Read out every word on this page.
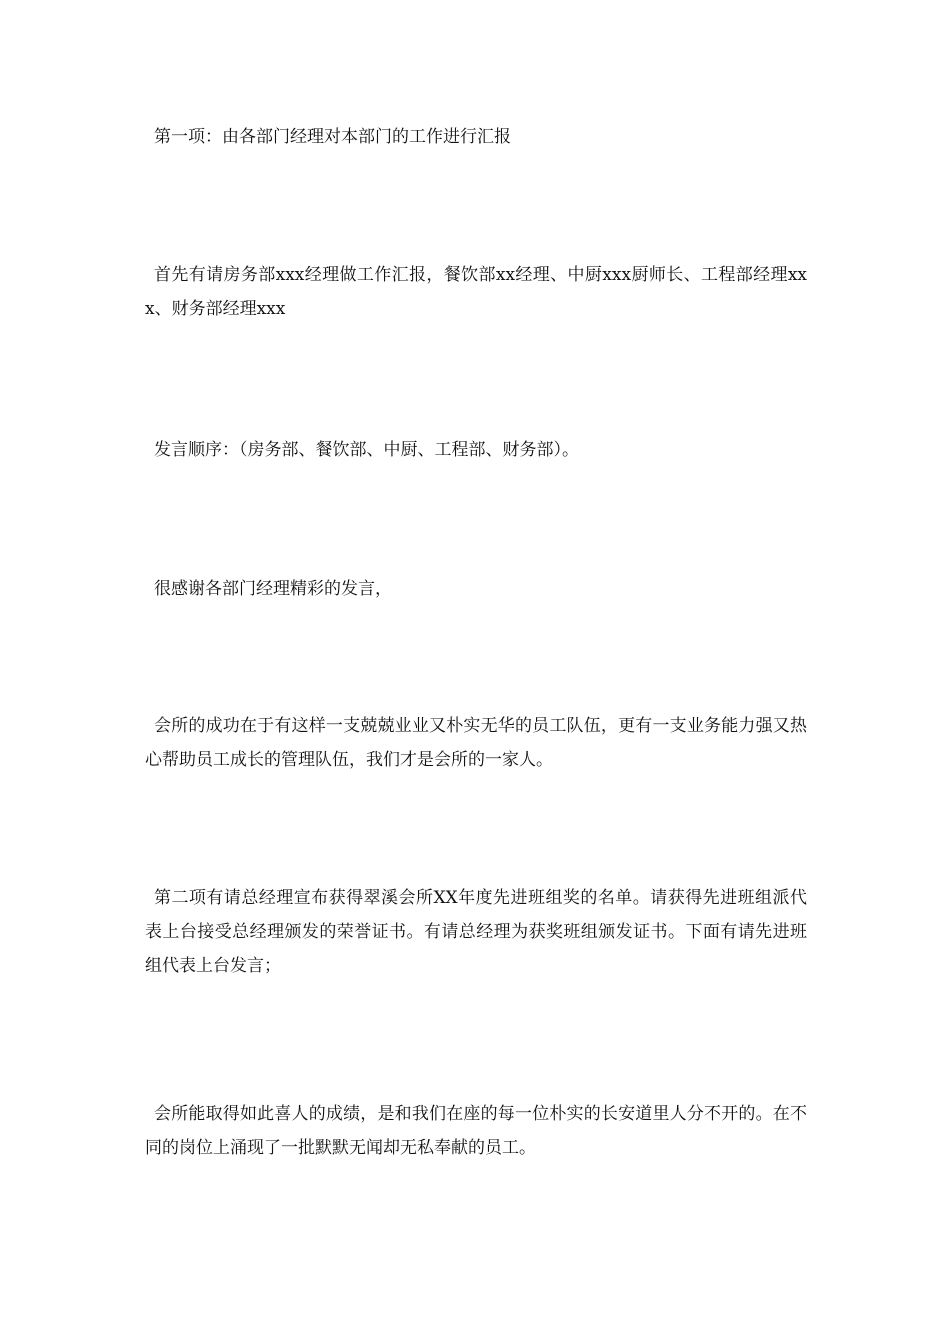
第一项：由各部门经理对本部门的工作进行汇报

首先有请房务部xxx经理做工作汇报，餐饮部xx经理、中厨xxx厨师长、工程部经理xxx、财务部经理xxx

发言顺序：（房务部、餐饮部、中厨、工程部、财务部）。

很感谢各部门经理精彩的发言，

会所的成功在于有这样一支兢兢业业又朴实无华的员工队伍，更有一支业务能力强又热心帮助员工成长的管理队伍，我们才是会所的一家人。

第二项有请总经理宣布获得翠溪会所XX年度先进班组奖的名单。请获得先进班组派代表上台接受总经理颁发的荣誉证书。有请总经理为获奖班组颁发证书。下面有请先进班组代表上台发言；

会所能取得如此喜人的成绩，是和我们在座的每一位朴实的长安道里人分不开的。在不同的岗位上涌现了一批默默无闻却无私奉献的员工。
